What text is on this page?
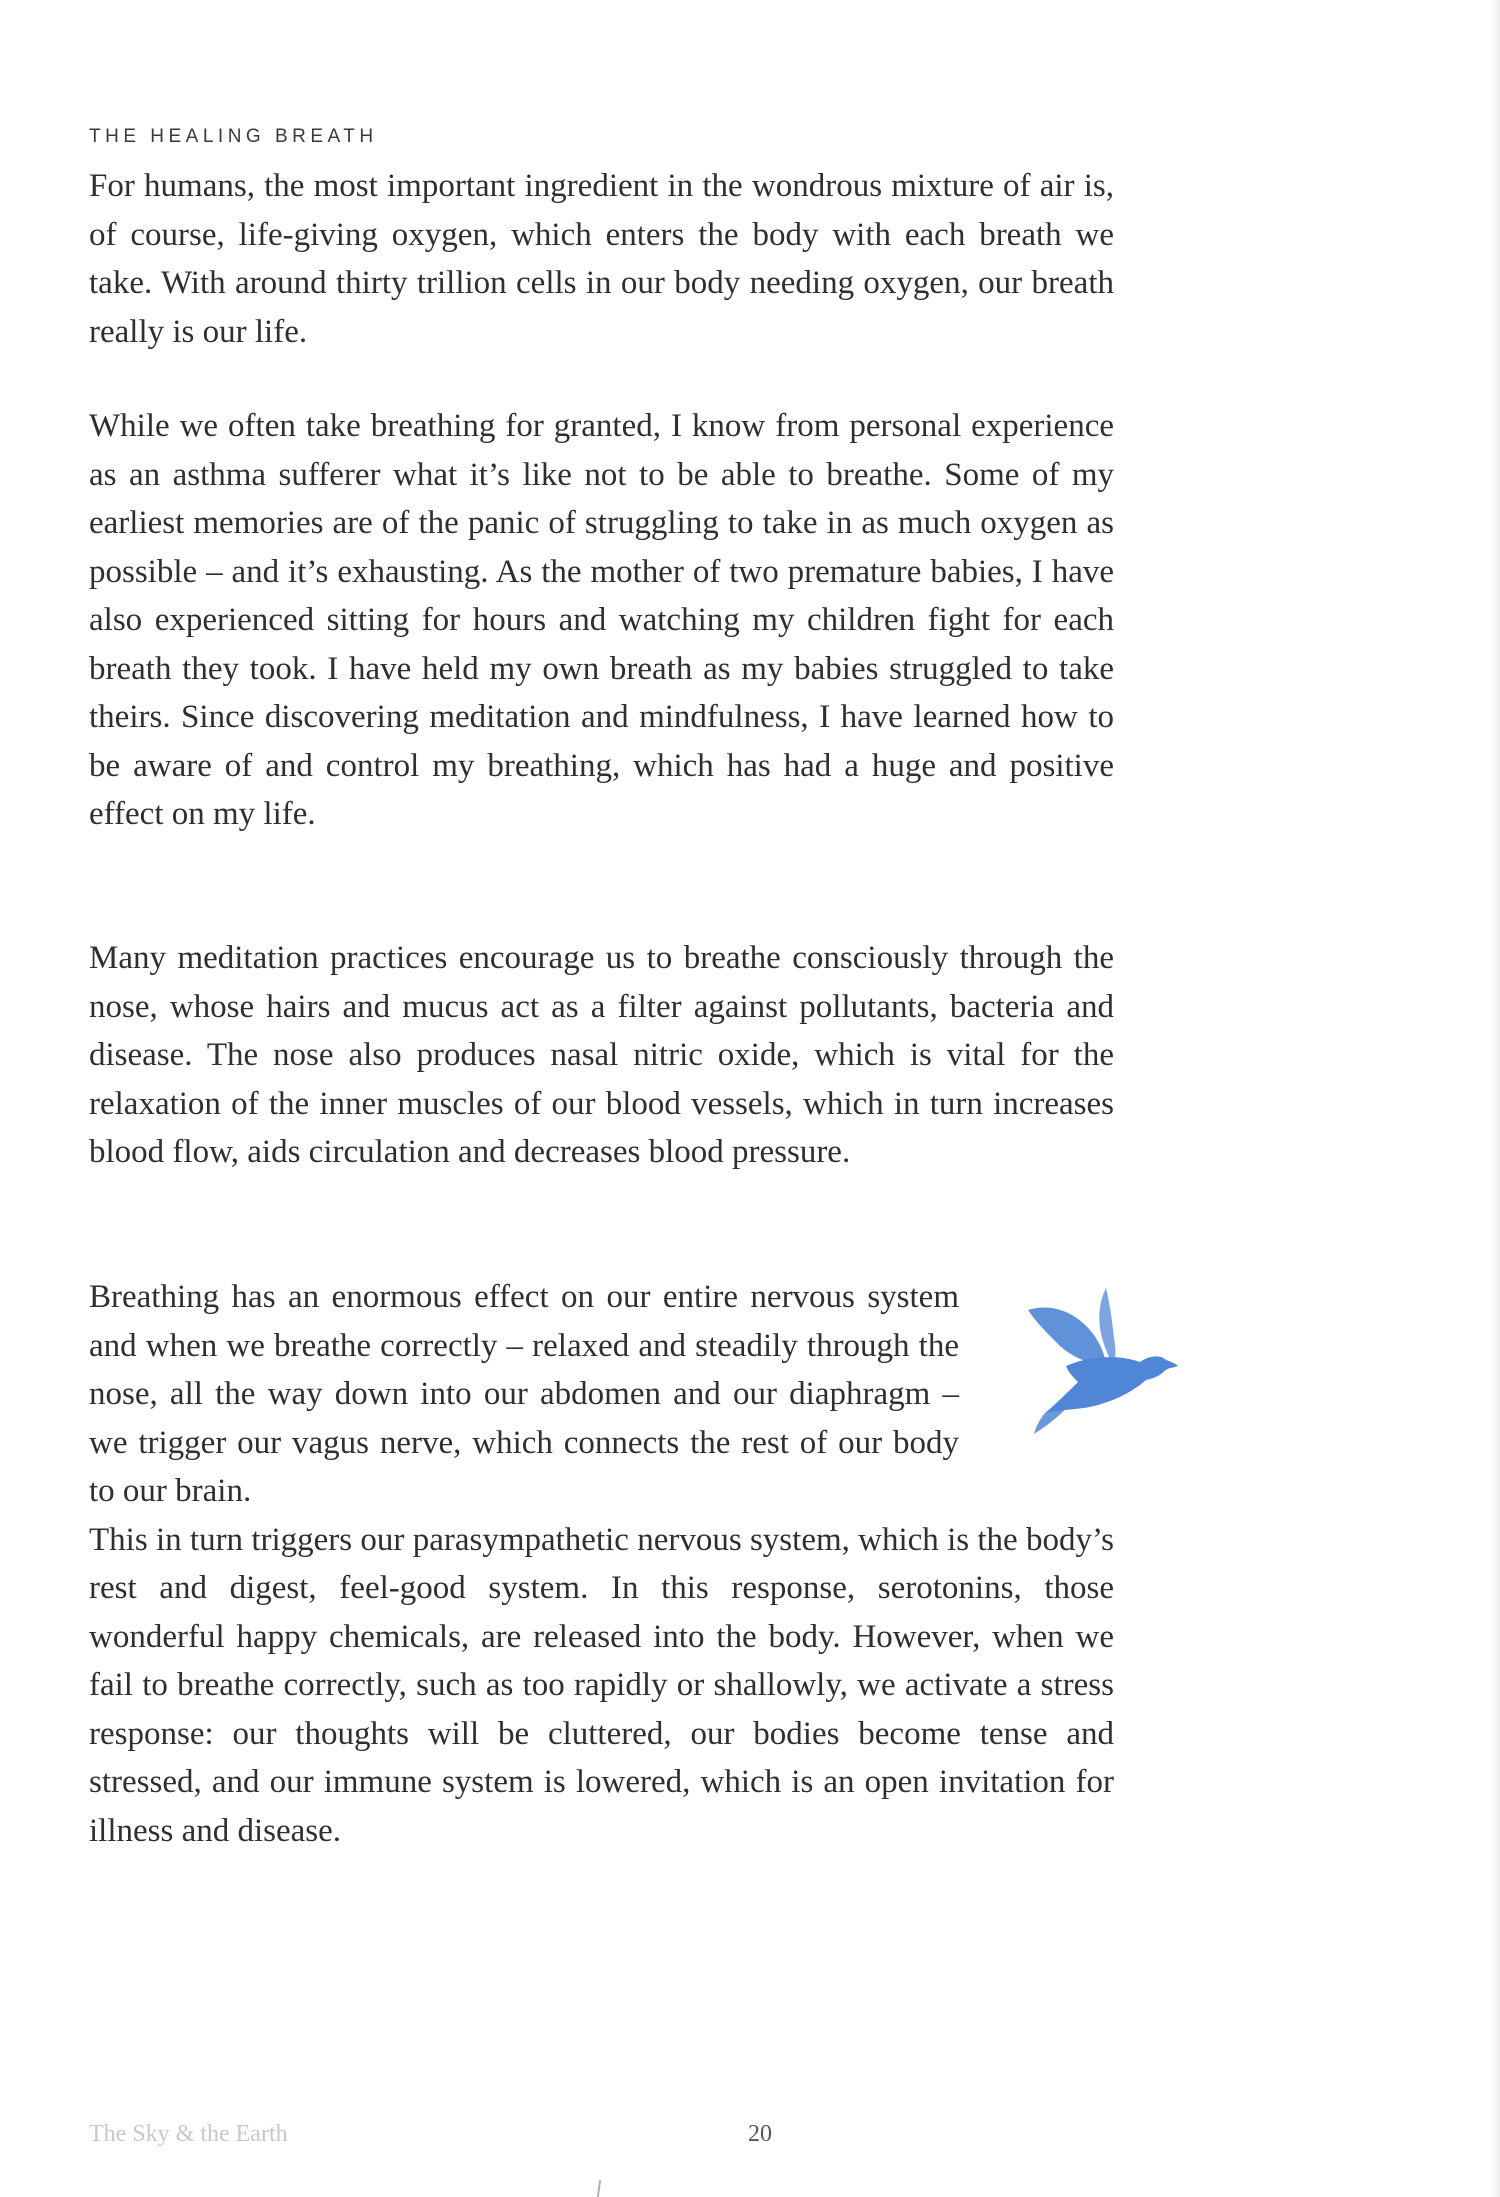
THE HEALING BREATH

For humans, the most important ingredient in the wondrous mixture of air is, of course, life-giving oxygen, which enters the body with each breath we take. With around thirty trillion cells in our body needing oxygen, our breath really is our life.

While we often take breathing for granted, I know from personal experience as an asthma sufferer what it’s like not to be able to breathe. Some of my earliest memories are of the panic of struggling to take in as much oxygen as possible – and it’s exhausting. As the mother of two premature babies, I have also experienced sitting for hours and watching my children fight for each breath they took. I have held my own breath as my babies struggled to take theirs. Since discovering meditation and mindfulness, I have learned how to be aware of and control my breathing, which has had a huge and positive effect on my life.

Many meditation practices encourage us to breathe consciously through the nose, whose hairs and mucus act as a filter against pollutants, bacteria and disease. The nose also produces nasal nitric oxide, which is vital for the relaxation of the inner muscles of our blood vessels, which in turn increases blood flow, aids circulation and decreases blood pressure.

Breathing has an enormous effect on our entire nervous system and when we breathe correctly – relaxed and steadily through the nose, all the way down into our abdomen and our diaphragm – we trigger our vagus nerve, which connects the rest of our body to our brain.
This in turn triggers our parasympathetic nervous system, which is the body’s rest and digest, feel-good system. In this response, serotonins, those wonderful happy chemicals, are released into the body. However, when we fail to breathe correctly, such as too rapidly or shallowly, we activate a stress response: our thoughts will be cluttered, our bodies become tense and stressed, and our immune system is lowered, which is an open invitation for illness and disease.
The Sky & the Earth	20
